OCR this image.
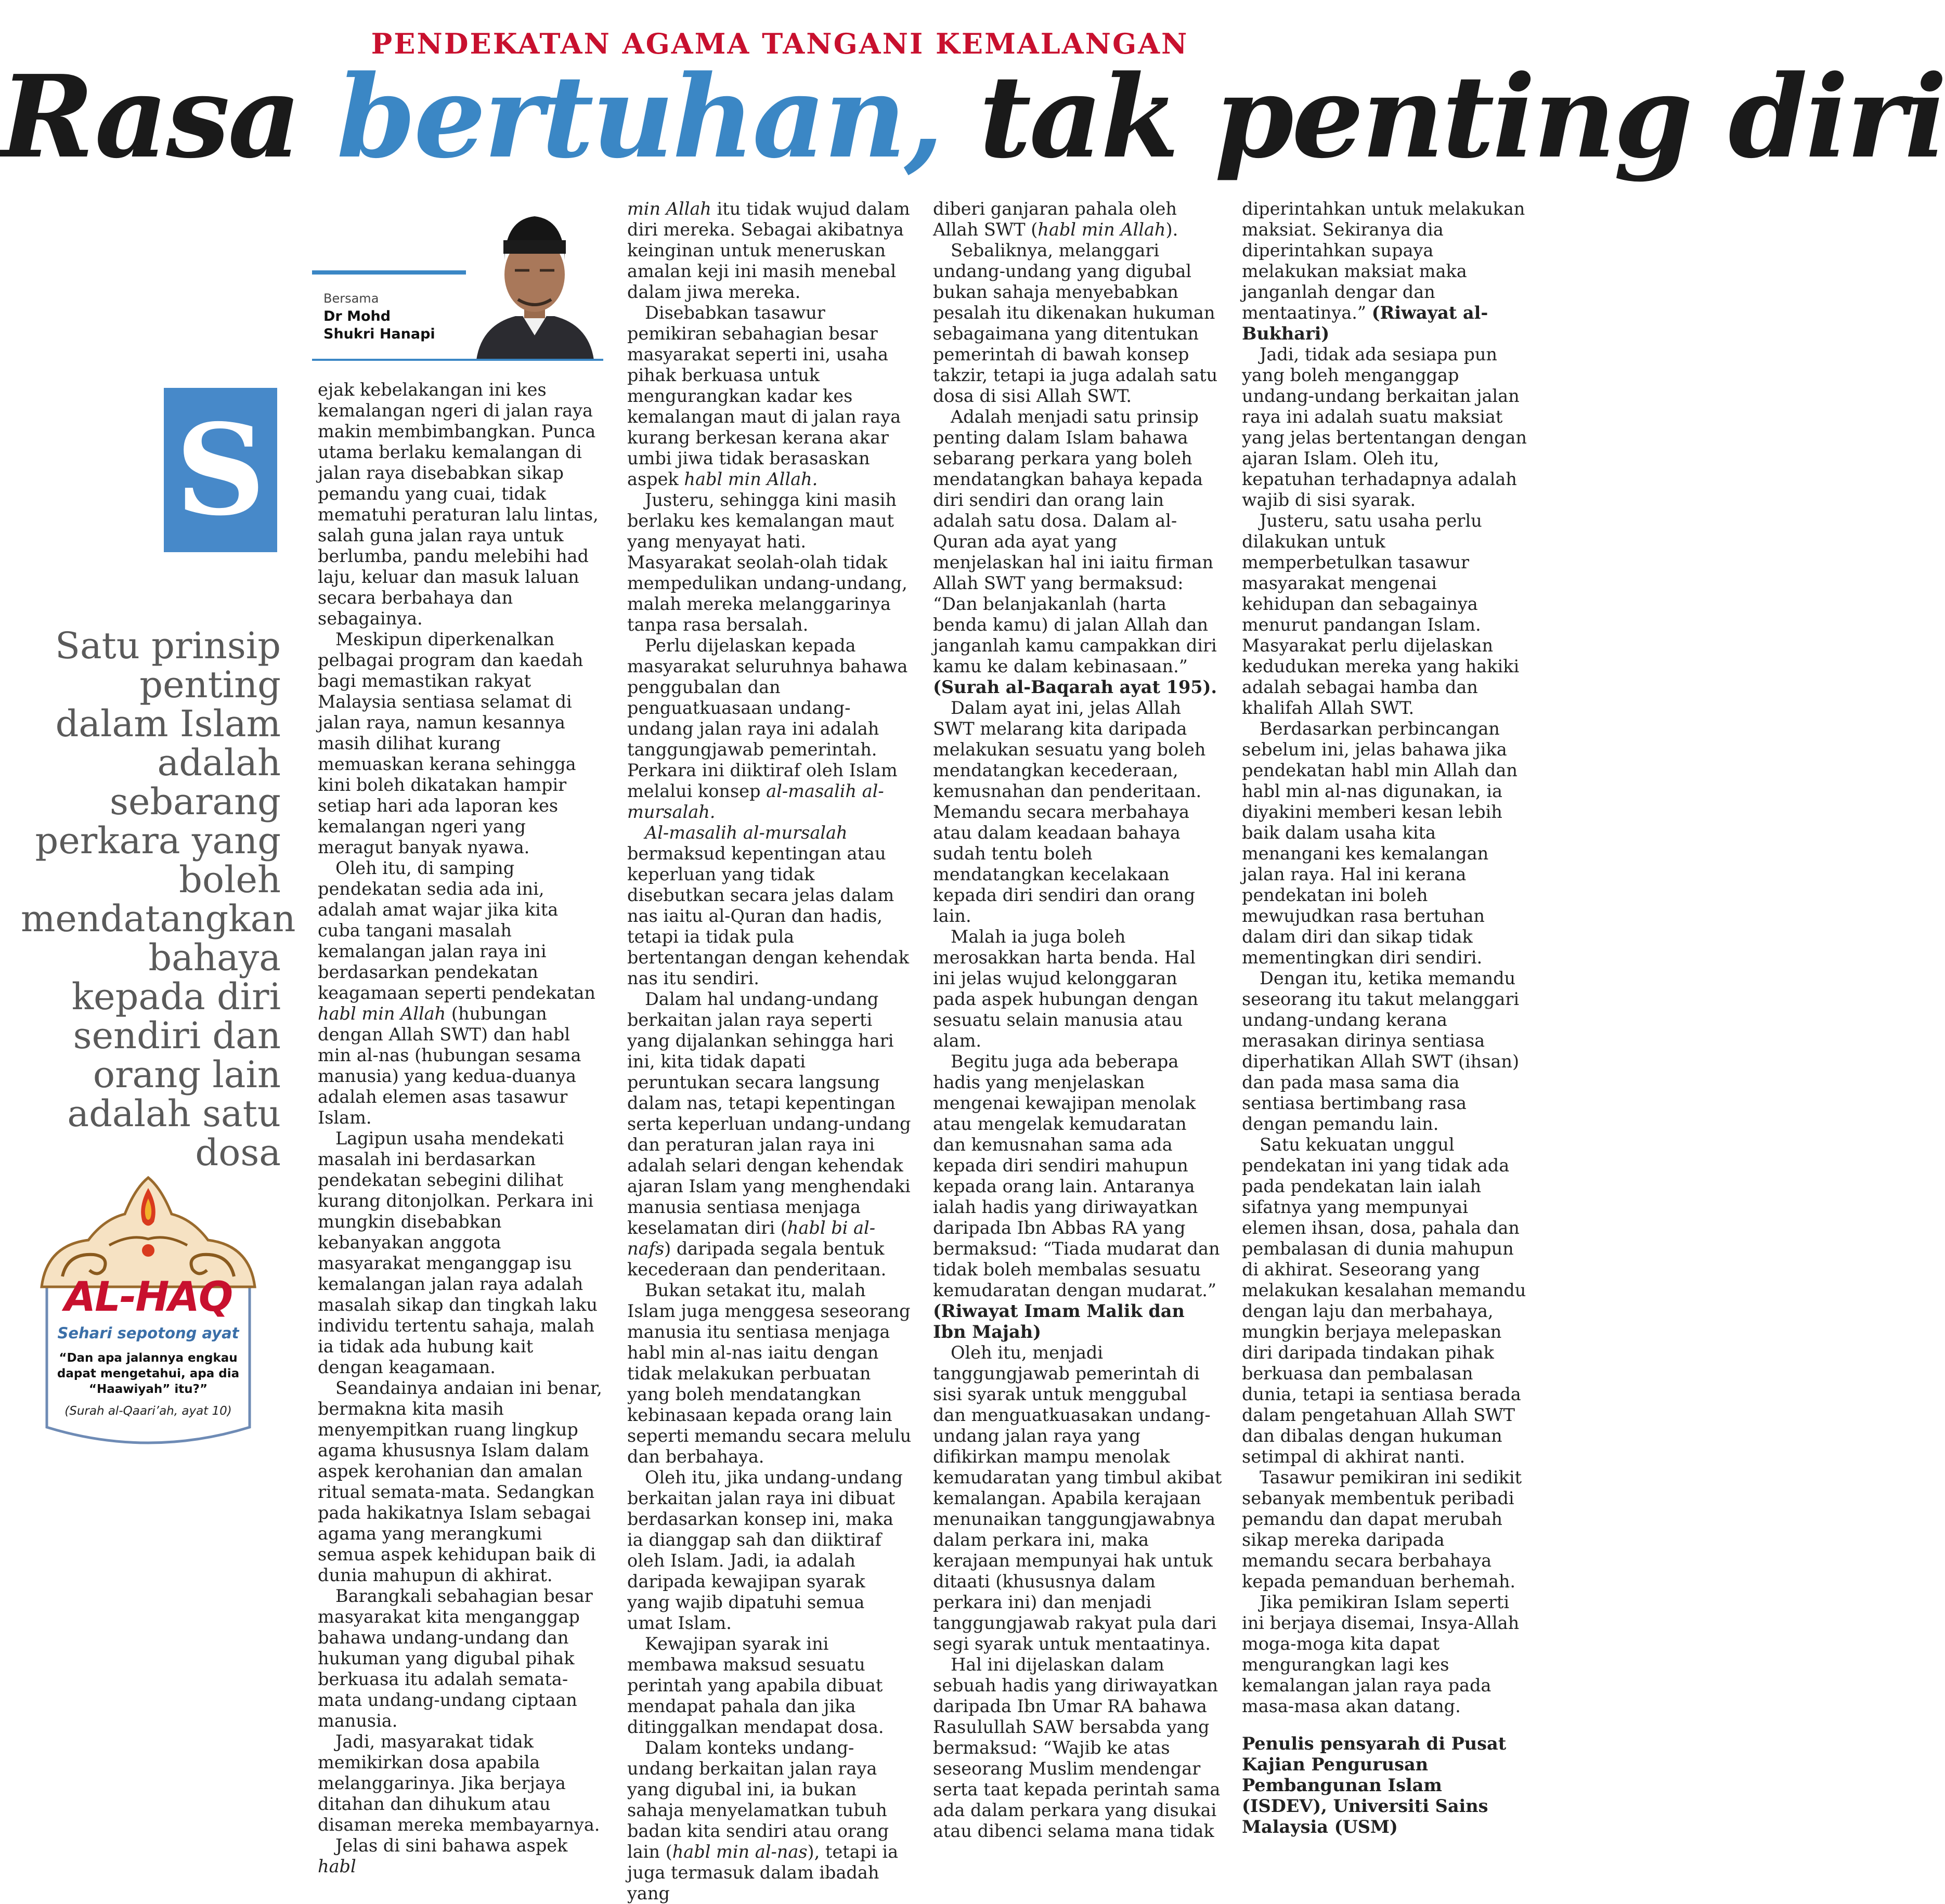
PENDEKATAN AGAMA TANGANI KEMALANGAN
Rasa bertuhan, tak penting diri
Bersama
Dr Mohd
Shukri Hanapi
S
Satu prinsip penting dalam Islam adalah sebarang perkara yang boleh mendatangkan bahaya kepada diri sendiri dan orang lain adalah satu dosa
AL-HAQ
Sehari sepotong ayat
“Dan apa jalannya engkau dapat mengetahui, apa dia “Haawiyah” itu?”
(Surah al-Qaari’ah, ayat 10)

ejak kebelakangan ini kes kemalangan ngeri di jalan raya makin membimbangkan. Punca utama berlaku kemalangan di jalan raya disebabkan sikap pemandu yang cuai, tidak mematuhi peraturan lalu lintas, salah guna jalan raya untuk berlumba, pandu melebihi had laju, keluar dan masuk laluan secara berbahaya dan sebagainya.

Meskipun diperkenalkan pelbagai program dan kaedah bagi memastikan rakyat Malaysia sentiasa selamat di jalan raya, namun kesannya masih dilihat kurang memuaskan kerana sehingga kini boleh dikatakan hampir setiap hari ada laporan kes kemalangan ngeri yang meragut banyak nyawa.

Oleh itu, di samping pendekatan sedia ada ini, adalah amat wajar jika kita cuba tangani masalah kemalangan jalan raya ini berdasarkan pendekatan keagamaan seperti pendekatan habl min Allah (hubungan dengan Allah SWT) dan habl min al-nas (hubungan sesama manusia) yang kedua-duanya adalah elemen asas tasawur Islam.

Lagipun usaha mendekati masalah ini berdasarkan pendekatan sebegini dilihat kurang ditonjolkan. Perkara ini mungkin disebabkan kebanyakan anggota masyarakat menganggap isu kemalangan jalan raya adalah masalah sikap dan tingkah laku individu tertentu sahaja, malah ia tidak ada hubung kait dengan keagamaan.

Seandainya andaian ini benar, bermakna kita masih menyempitkan ruang lingkup agama khususnya Islam dalam aspek kerohanian dan amalan ritual semata-mata. Sedangkan pada hakikatnya Islam sebagai agama yang merangkumi semua aspek kehidupan baik di dunia mahupun di akhirat.

Barangkali sebahagian besar masyarakat kita menganggap bahawa undang-undang dan hukuman yang digubal pihak berkuasa itu adalah semata-mata undang-undang ciptaan manusia.

Jadi, masyarakat tidak memikirkan dosa apabila melanggarinya. Jika berjaya ditahan dan dihukum atau disaman mereka membayarnya.

Jelas di sini bahawa aspek habl

min Allah itu tidak wujud dalam diri mereka. Sebagai akibatnya keinginan untuk meneruskan amalan keji ini masih menebal dalam jiwa mereka.

Disebabkan tasawur pemikiran sebahagian besar masyarakat seperti ini, usaha pihak berkuasa untuk mengurangkan kadar kes kemalangan maut di jalan raya kurang berkesan kerana akar umbi jiwa tidak berasaskan aspek habl min Allah.

Justeru, sehingga kini masih berlaku kes kemalangan maut yang menyayat hati. Masyarakat seolah-olah tidak mempedulikan undang-undang, malah mereka melanggarinya tanpa rasa bersalah.

Perlu dijelaskan kepada masyarakat seluruhnya bahawa penggubalan dan penguatkuasaan undang-undang jalan raya ini adalah tanggungjawab pemerintah. Perkara ini diiktiraf oleh Islam melalui konsep al-masalih al-mursalah.

Al-masalih al-mursalah bermaksud kepentingan atau keperluan yang tidak disebutkan secara jelas dalam nas iaitu al-Quran dan hadis, tetapi ia tidak pula bertentangan dengan kehendak nas itu sendiri.

Dalam hal undang-undang berkaitan jalan raya seperti yang dijalankan sehingga hari ini, kita tidak dapati peruntukan secara langsung dalam nas, tetapi kepentingan serta keperluan undang-undang dan peraturan jalan raya ini adalah selari dengan kehendak ajaran Islam yang menghendaki manusia sentiasa menjaga keselamatan diri (habl bi al-nafs) daripada segala bentuk kecederaan dan penderitaan.

Bukan setakat itu, malah Islam juga menggesa seseorang manusia itu sentiasa menjaga habl min al-nas iaitu dengan tidak melakukan perbuatan yang boleh mendatangkan kebinasaan kepada orang lain seperti memandu secara melulu dan berbahaya.

Oleh itu, jika undang-undang berkaitan jalan raya ini dibuat berdasarkan konsep ini, maka ia dianggap sah dan diiktiraf oleh Islam. Jadi, ia adalah daripada kewajipan syarak yang wajib dipatuhi semua umat Islam.

Kewajipan syarak ini membawa maksud sesuatu perintah yang apabila dibuat mendapat pahala dan jika ditinggalkan mendapat dosa.

Dalam konteks undang-undang berkaitan jalan raya yang digubal ini, ia bukan sahaja menyelamatkan tubuh badan kita sendiri atau orang lain (habl min al-nas), tetapi ia juga termasuk dalam ibadah yang

diberi ganjaran pahala oleh Allah SWT (habl min Allah).

Sebaliknya, melanggari undang-undang yang digubal bukan sahaja menyebabkan pesalah itu dikenakan hukuman sebagaimana yang ditentukan pemerintah di bawah konsep takzir, tetapi ia juga adalah satu dosa di sisi Allah SWT.

Adalah menjadi satu prinsip penting dalam Islam bahawa sebarang perkara yang boleh mendatangkan bahaya kepada diri sendiri dan orang lain adalah satu dosa. Dalam al-Quran ada ayat yang menjelaskan hal ini iaitu firman Allah SWT yang bermaksud: “Dan belanjakanlah (harta benda kamu) di jalan Allah dan janganlah kamu campakkan diri kamu ke dalam kebinasaan.” (Surah al-Baqarah ayat 195).

Dalam ayat ini, jelas Allah SWT melarang kita daripada melakukan sesuatu yang boleh mendatangkan kecederaan, kemusnahan dan penderitaan. Memandu secara merbahaya atau dalam keadaan bahaya sudah tentu boleh mendatangkan kecelakaan kepada diri sendiri dan orang lain.

Malah ia juga boleh merosakkan harta benda. Hal ini jelas wujud kelonggaran pada aspek hubungan dengan sesuatu selain manusia atau alam.

Begitu juga ada beberapa hadis yang menjelaskan mengenai kewajipan menolak atau mengelak kemudaratan dan kemusnahan sama ada kepada diri sendiri mahupun kepada orang lain. Antaranya ialah hadis yang diriwayatkan daripada Ibn Abbas RA yang bermaksud: “Tiada mudarat dan tidak boleh membalas sesuatu kemudaratan dengan mudarat.” (Riwayat Imam Malik dan Ibn Majah)

Oleh itu, menjadi tanggungjawab pemerintah di sisi syarak untuk menggubal dan menguatkuasakan undang-undang jalan raya yang difikirkan mampu menolak kemudaratan yang timbul akibat kemalangan. Apabila kerajaan menunaikan tanggungjawabnya dalam perkara ini, maka kerajaan mempunyai hak untuk ditaati (khususnya dalam perkara ini) dan menjadi tanggungjawab rakyat pula dari segi syarak untuk mentaatinya.

Hal ini dijelaskan dalam sebuah hadis yang diriwayatkan daripada Ibn Umar RA bahawa Rasulullah SAW bersabda yang bermaksud: “Wajib ke atas seseorang Muslim mendengar serta taat kepada perintah sama ada dalam perkara yang disukai atau dibenci selama mana tidak

diperintahkan untuk melakukan maksiat. Sekiranya dia diperintahkan supaya melakukan maksiat maka janganlah dengar dan mentaatinya.” (Riwayat al-Bukhari)

Jadi, tidak ada sesiapa pun yang boleh menganggap undang-undang berkaitan jalan raya ini adalah suatu maksiat yang jelas bertentangan dengan ajaran Islam. Oleh itu, kepatuhan terhadapnya adalah wajib di sisi syarak.

Justeru, satu usaha perlu dilakukan untuk memperbetulkan tasawur masyarakat mengenai kehidupan dan sebagainya menurut pandangan Islam. Masyarakat perlu dijelaskan kedudukan mereka yang hakiki adalah sebagai hamba dan khalifah Allah SWT.

Berdasarkan perbincangan sebelum ini, jelas bahawa jika pendekatan habl min Allah dan habl min al-nas digunakan, ia diyakini memberi kesan lebih baik dalam usaha kita menangani kes kemalangan jalan raya. Hal ini kerana pendekatan ini boleh mewujudkan rasa bertuhan dalam diri dan sikap tidak mementingkan diri sendiri.

Dengan itu, ketika memandu seseorang itu takut melanggari undang-undang kerana merasakan dirinya sentiasa diperhatikan Allah SWT (ihsan) dan pada masa sama dia sentiasa bertimbang rasa dengan pemandu lain.

Satu kekuatan unggul pendekatan ini yang tidak ada pada pendekatan lain ialah sifatnya yang mempunyai elemen ihsan, dosa, pahala dan pembalasan di dunia mahupun di akhirat. Seseorang yang melakukan kesalahan memandu dengan laju dan merbahaya, mungkin berjaya melepaskan diri daripada tindakan pihak berkuasa dan pembalasan dunia, tetapi ia sentiasa berada dalam pengetahuan Allah SWT dan dibalas dengan hukuman setimpal di akhirat nanti.

Tasawur pemikiran ini sedikit sebanyak membentuk peribadi pemandu dan dapat merubah sikap mereka daripada memandu secara berbahaya kepada pemanduan berhemah.

Jika pemikiran Islam seperti ini berjaya disemai, Insya-Allah moga-moga kita dapat mengurangkan lagi kes kemalangan jalan raya pada masa-masa akan datang.

Penulis pensyarah di Pusat Kajian Pengurusan Pembangunan Islam (ISDEV), Universiti Sains Malaysia (USM)
